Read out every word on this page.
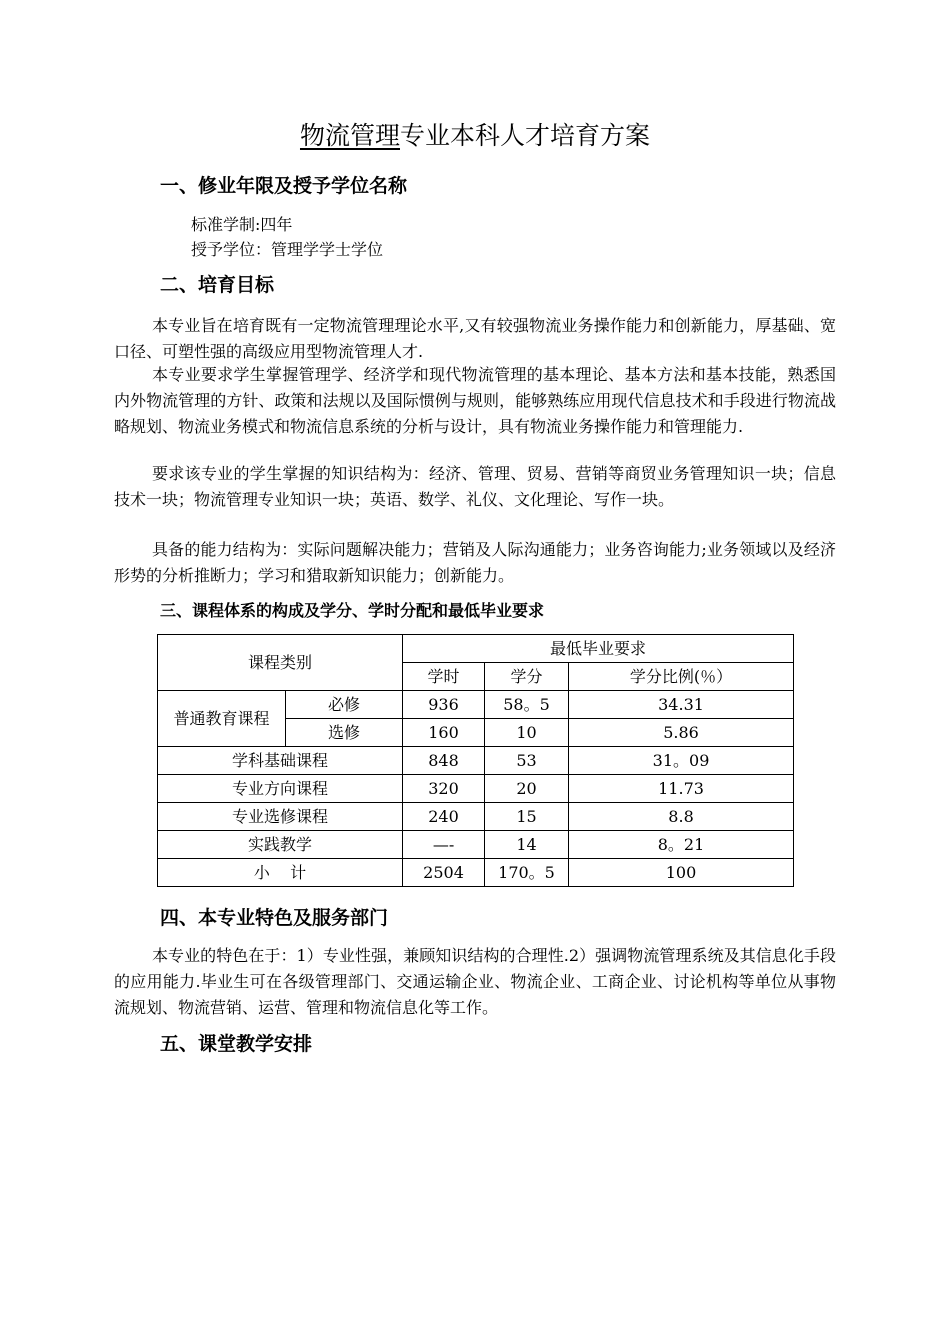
物流管理专业本科人才培育方案
一、修业年限及授予学位名称
标准学制:四年
授予学位：管理学学士学位
二、培育目标
本专业旨在培育既有一定物流管理理论水平,又有较强物流业务操作能力和创新能力，厚基础、宽口径、可塑性强的高级应用型物流管理人才.
本专业要求学生掌握管理学、经济学和现代物流管理的基本理论、基本方法和基本技能，熟悉国内外物流管理的方针、政策和法规以及国际惯例与规则，能够熟练应用现代信息技术和手段进行物流战略规划、物流业务模式和物流信息系统的分析与设计，具有物流业务操作能力和管理能力.
要求该专业的学生掌握的知识结构为：经济、管理、贸易、营销等商贸业务管理知识一块；信息技术一块；物流管理专业知识一块；英语、数学、礼仪、文化理论、写作一块。
具备的能力结构为：实际问题解决能力；营销及人际沟通能力；业务咨询能力;业务领域以及经济形势的分析推断力；学习和猎取新知识能力；创新能力。
三、课程体系的构成及学分、学时分配和最低毕业要求
课程类别		最低毕业要求		
		学时	学分	学分比例(％）
普通教育课程	必修	936	58。5	34.31
	选修	160	10	5.86
学科基础课程		848	53	31。09
专业方向课程		320	20	11.73
专业选修课程		240	15	8.8
实践教学		—-	14	8。21
小    计		2504	170。5	100
四、本专业特色及服务部门
本专业的特色在于：1）专业性强，兼顾知识结构的合理性.2）强调物流管理系统及其信息化手段的应用能力.毕业生可在各级管理部门、交通运输企业、物流企业、工商企业、讨论机构等单位从事物流规划、物流营销、运营、管理和物流信息化等工作。
五、课堂教学安排
